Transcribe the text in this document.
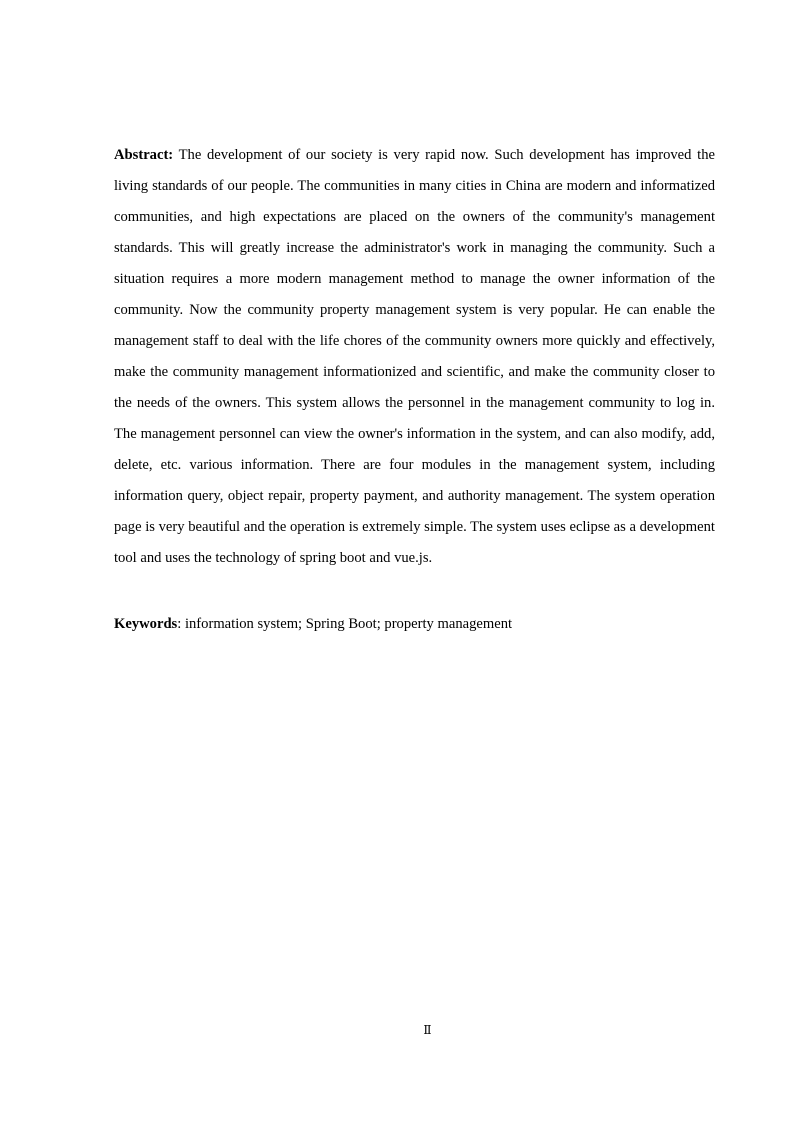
Abstract: The development of our society is very rapid now. Such development has improved the living standards of our people. The communities in many cities in China are modern and informatized communities, and high expectations are placed on the owners of the community's management standards. This will greatly increase the administrator's work in managing the community. Such a situation requires a more modern management method to manage the owner information of the community. Now the community property management system is very popular. He can enable the management staff to deal with the life chores of the community owners more quickly and effectively, make the community management informationized and scientific, and make the community closer to the needs of the owners. This system allows the personnel in the management community to log in. The management personnel can view the owner's information in the system, and can also modify, add, delete, etc. various information. There are four modules in the management system, including information query, object repair, property payment, and authority management. The system operation page is very beautiful and the operation is extremely simple. The system uses eclipse as a development tool and uses the technology of spring boot and vue.js.

Keywords: information system; Spring Boot; property management

Ⅱ
